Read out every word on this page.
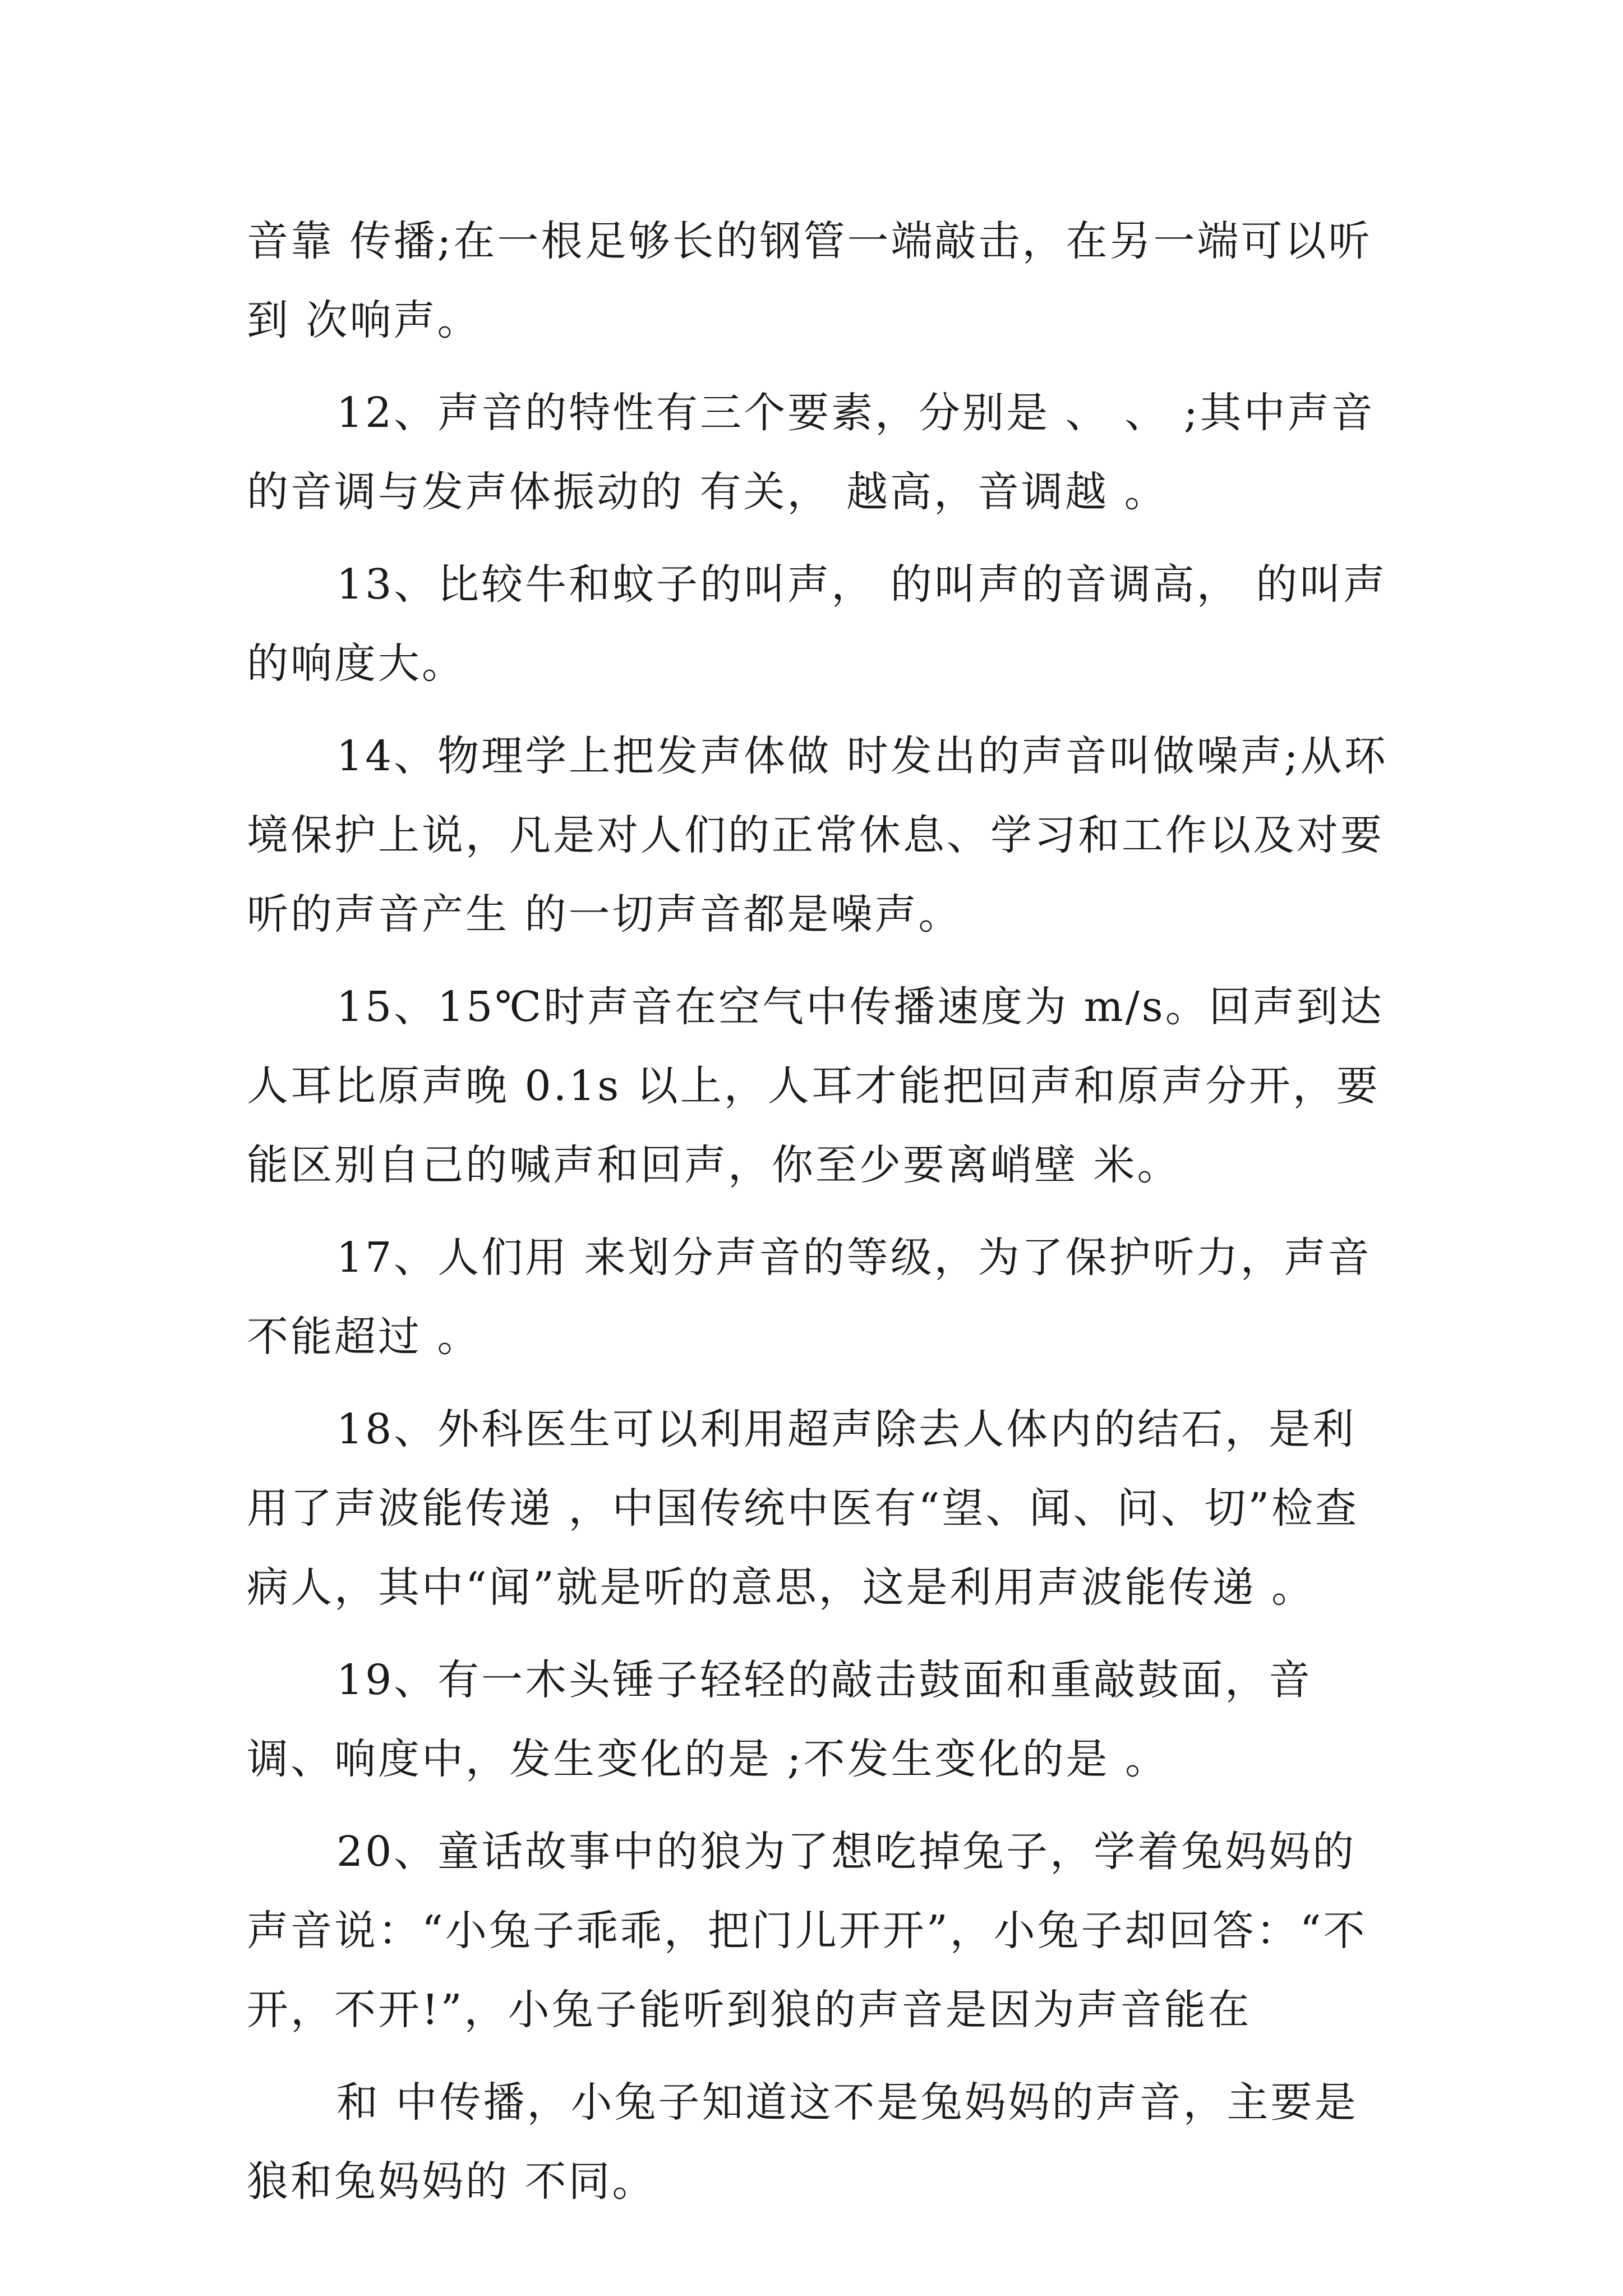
音靠 传播;在一根足够长的钢管一端敲击，在另一端可以听到 次响声。

12、声音的特性有三个要素，分别是 、 、 ;其中声音的音调与发声体振动的 有关， 越高，音调越 。

13、比较牛和蚊子的叫声， 的叫声的音调高， 的叫声的响度大。

14、物理学上把发声体做 时发出的声音叫做噪声;从环境保护上说，凡是对人们的正常休息、学习和工作以及对要听的声音产生 的一切声音都是噪声。

15、15℃时声音在空气中传播速度为 m/s。回声到达人耳比原声晚 0.1s 以上，人耳才能把回声和原声分开，要能区别自己的喊声和回声，你至少要离峭壁 米。

17、人们用 来划分声音的等级，为了保护听力，声音不能超过 。

18、外科医生可以利用超声除去人体内的结石，是利用了声波能传递 ，中国传统中医有“望、闻、问、切”检查病人，其中“闻”就是听的意思，这是利用声波能传递 。

19、有一木头锤子轻轻的敲击鼓面和重敲鼓面，音调、响度中，发生变化的是 ;不发生变化的是 。

20、童话故事中的狼为了想吃掉兔子，学着兔妈妈的声音说：“小兔子乖乖，把门儿开开”，小兔子却回答：“不开，不开!”，小兔子能听到狼的声音是因为声音能在

和 中传播，小兔子知道这不是兔妈妈的声音，主要是狼和兔妈妈的 不同。
